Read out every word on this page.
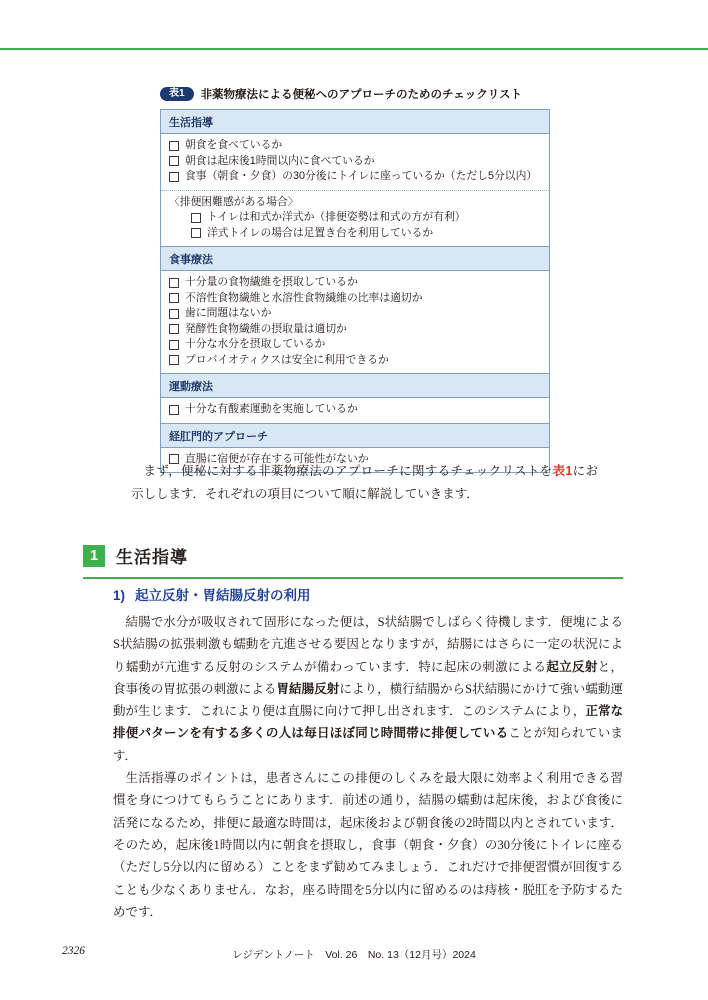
表1	非薬物療法による便秘へのアプローチのためのチェックリスト
生活指導
朝食を食べているか
朝食は起床後1時間以内に食べているか
食事（朝食・夕食）の30分後にトイレに座っているか（ただし5分以内）
〈排便困難感がある場合〉
トイレは和式か洋式か（排便姿勢は和式の方が有利）
洋式トイレの場合は足置き台を利用しているか
食事療法
十分量の食物繊維を摂取しているか
不溶性食物繊維と水溶性食物繊維の比率は適切か
歯に問題はないか
発酵性食物繊維の摂取量は適切か
十分な水分を摂取しているか
プロバイオティクスは安全に利用できるか
運動療法
十分な有酸素運動を実施しているか
経肛門的アプローチ
直腸に宿便が存在する可能性がないか
まず，便秘に対する非薬物療法のアプローチに関するチェックリストを表1にお示しします．それぞれの項目について順に解説していきます．
1	生活指導
1) 起立反射・胃結腸反射の利用

結腸で水分が吸収されて固形になった便は，S状結腸でしばらく待機します．便塊によるS状結腸の拡張刺激も蠕動を亢進させる要因となりますが，結腸にはさらに一定の状況により蠕動が亢進する反射のシステムが備わっています．特に起床の刺激による起立反射と，食事後の胃拡張の刺激による胃結腸反射により，横行結腸からS状結腸にかけて強い蠕動運動が生じます．これにより便は直腸に向けて押し出されます．このシステムにより，正常な排便パターンを有する多くの人は毎日ほぼ同じ時間帯に排便していることが知られています．

生活指導のポイントは，患者さんにこの排便のしくみを最大限に効率よく利用できる習慣を身につけてもらうことにあります．前述の通り，結腸の蠕動は起床後，および食後に活発になるため，排便に最適な時間は，起床後および朝食後の2時間以内とされています．そのため，起床後1時間以内に朝食を摂取し，食事（朝食・夕食）の30分後にトイレに座る（ただし5分以内に留める）ことをまず勧めてみましょう．これだけで排便習慣が回復することも少なくありません．なお，座る時間を5分以内に留めるのは痔核・脱肛を予防するためです．

2326	レジデントノート　Vol. 26　No. 13（12月号）2024
